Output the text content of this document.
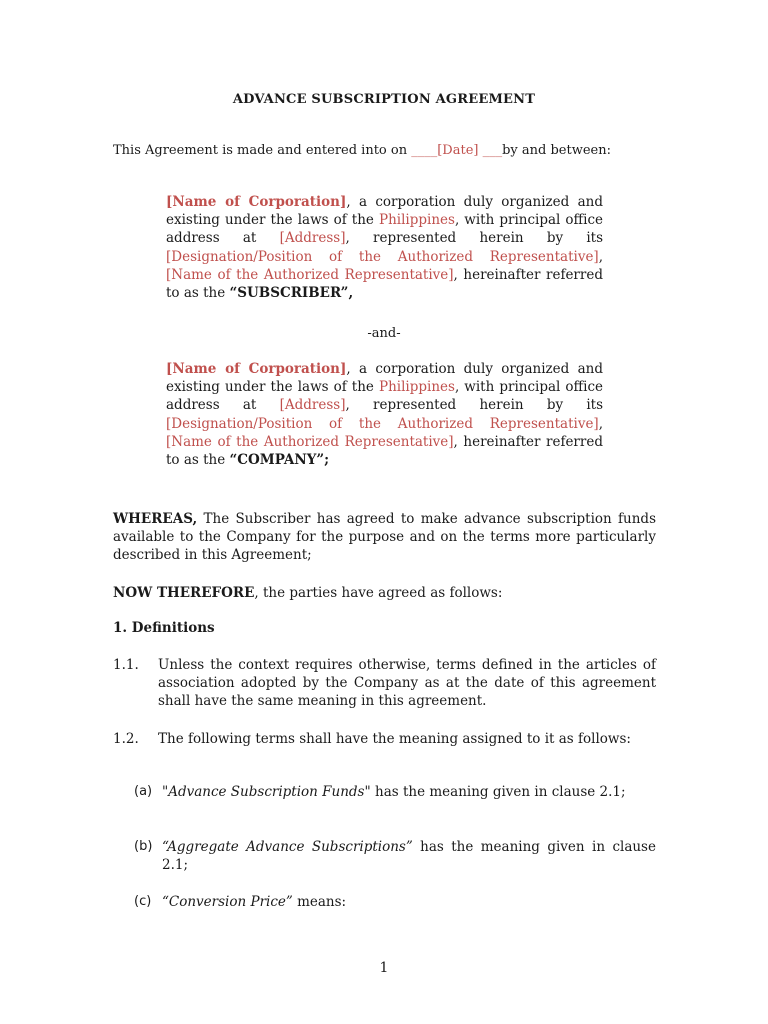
ADVANCE SUBSCRIPTION AGREEMENT
This Agreement is made and entered into on ____[Date] ___by and between:
[Name of Corporation], a corporation duly organized and existing under the laws of the Philippines, with principal office address at [Address], represented herein by its [Designation/Position of the Authorized Representative], [Name of the Authorized Representative], hereinafter referred to as the “SUBSCRIBER”,
-and-
[Name of Corporation], a corporation duly organized and existing under the laws of the Philippines, with principal office address at [Address], represented herein by its [Designation/Position of the Authorized Representative], [Name of the Authorized Representative], hereinafter referred to as the “COMPANY”;
WHEREAS, The Subscriber has agreed to make advance subscription funds available to the Company for the purpose and on the terms more particularly described in this Agreement;
NOW THEREFORE, the parties have agreed as follows:
1. Definitions
1.1. Unless the context requires otherwise, terms defined in the articles of association adopted by the Company as at the date of this agreement shall have the same meaning in this agreement.
1.2. The following terms shall have the meaning assigned to it as follows:
(a) "Advance Subscription Funds" has the meaning given in clause 2.1;
(b) “Aggregate Advance Subscriptions” has the meaning given in clause 2.1;
(c) “Conversion Price” means:
1
